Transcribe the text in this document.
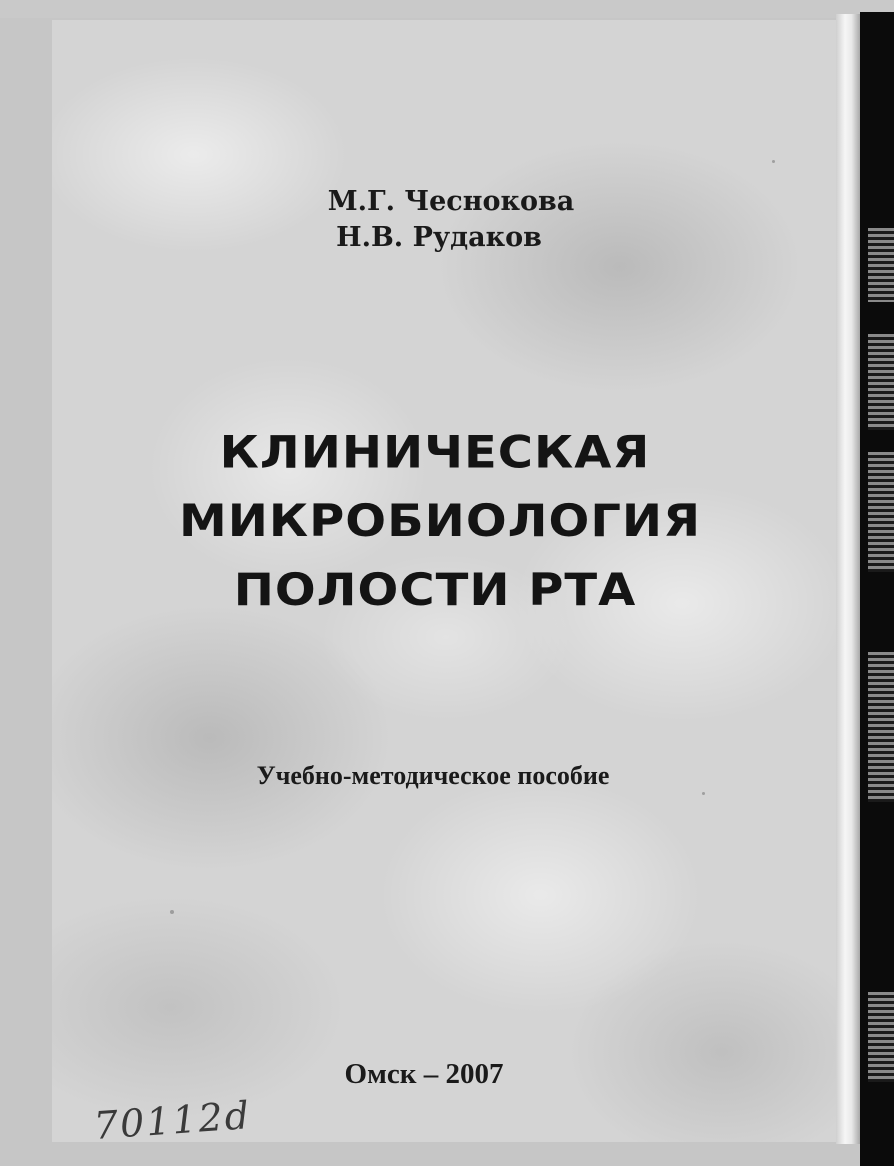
М.Г. Чеснокова
Н.В. Рудаков
КЛИНИЧЕСКАЯ
МИКРОБИОЛОГИЯ
ПОЛОСТИ РТА
Учебно-методическое пособие
Омск – 2007
70112d
